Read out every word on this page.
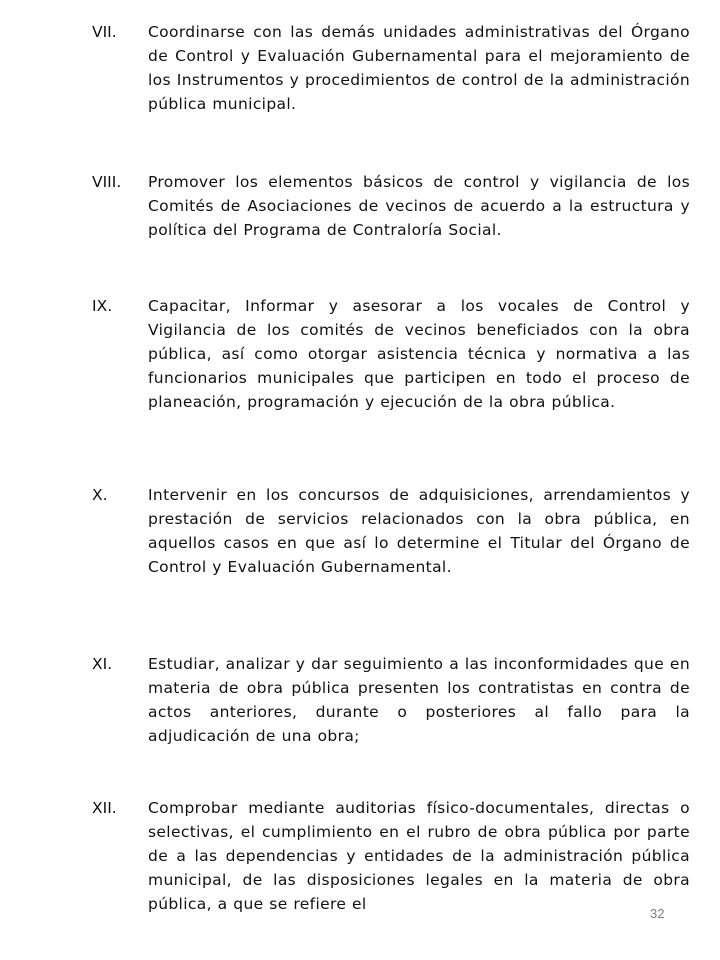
VII. Coordinarse con las demás unidades administrativas del Órgano de Control y Evaluación Gubernamental para el mejoramiento de los Instrumentos y procedimientos de control de la administración pública municipal.
VIII. Promover los elementos básicos de control y vigilancia de los Comités de Asociaciones de vecinos de acuerdo a la estructura y política del Programa de Contraloría Social.
IX. Capacitar, Informar y asesorar a los vocales de Control y Vigilancia de los comités de vecinos beneficiados con la obra pública, así como otorgar asistencia técnica y normativa a las funcionarios municipales que participen en todo el proceso de planeación, programación y ejecución de la obra pública.
X.	Intervenir en los concursos de adquisiciones, arrendamientos y prestación de servicios relacionados con la obra pública, en aquellos casos en que así lo determine el Titular del Órgano de Control y Evaluación Gubernamental.
XI. Estudiar, analizar y dar seguimiento a las inconformidades que en materia de obra pública presenten los contratistas en contra de actos anteriores, durante o posteriores al fallo para la adjudicación de una obra;
XII. Comprobar mediante auditorias físico-documentales, directas o selectivas, el cumplimiento en el rubro de obra pública por parte de a las dependencias y entidades de la administración pública municipal, de las disposiciones legales en la materia de obra pública, a que se refiere el
32
